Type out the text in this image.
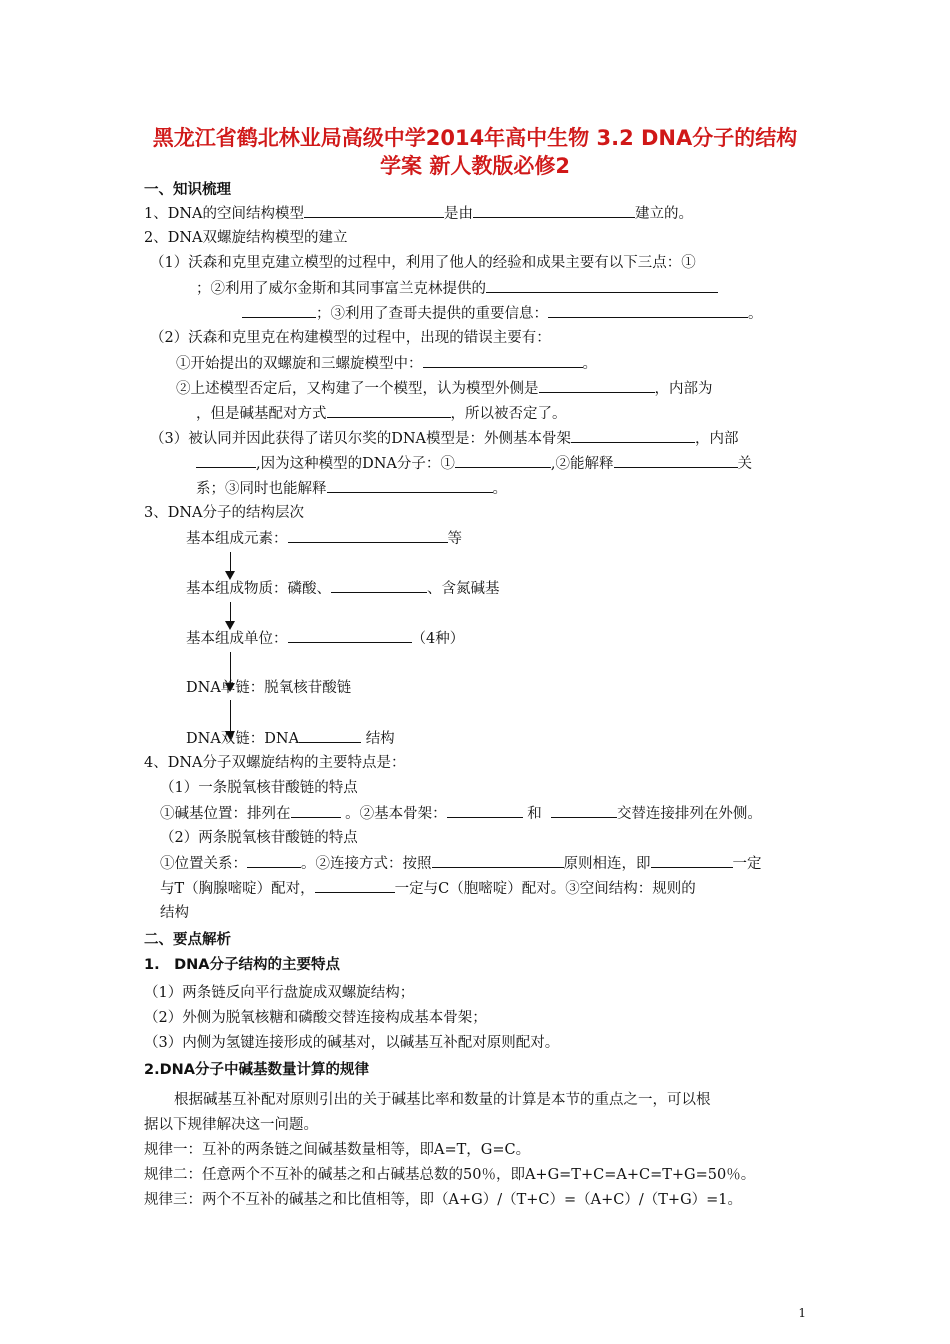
黑龙江省鹤北林业局高级中学2014年高中生物 3.2 DNA分子的结构
学案 新人教版必修2
一、知识梳理
1、DNA的空间结构模型	是由	建立的。
2、DNA双螺旋结构模型的建立
（1）沃森和克里克建立模型的过程中，利用了他人的经验和成果主要有以下三点：①
；②利用了威尔金斯和其同事富兰克林提供的
；③利用了查哥夫提供的重要信息：	。
（2）沃森和克里克在构建模型的过程中，出现的错误主要有：
①开始提出的双螺旋和三螺旋模型中：	。
②上述模型否定后，又构建了一个模型，认为模型外侧是	，内部为
，但是碱基配对方式	，所以被否定了。
（3）被认同并因此获得了诺贝尔奖的DNA模型是：外侧基本骨架	，内部
,因为这种模型的DNA分子：①	,②能解释	关
系；③同时也能解释	。
3、DNA分子的结构层次
基本组成元素：	等
基本组成物质：磷酸、	、含氮碱基
基本组成单位：	（4种）
DNA单链：脱氧核苷酸链
DNA双链：DNA	结构
4、DNA分子双螺旋结构的主要特点是：
（1）一条脱氧核苷酸链的特点
①碱基位置：排列在	。②基本骨架：	和	交替连接排列在外侧。
（2）两条脱氧核苷酸链的特点
①位置关系：	。②连接方式：按照	原则相连，即	一定
与T（胸腺嘧啶）配对，	一定与C（胞嘧啶）配对。③空间结构：规则的
结构
二、要点解析
1.　DNA分子结构的主要特点
（1）两条链反向平行盘旋成双螺旋结构；
（2）外侧为脱氧核糖和磷酸交替连接构成基本骨架；
（3）内侧为氢键连接形成的碱基对，以碱基互补配对原则配对。
2.DNA分子中碱基数量计算的规律
根据碱基互补配对原则引出的关于碱基比率和数量的计算是本节的重点之一，可以根
据以下规律解决这一问题。
规律一：互补的两条链之间碱基数量相等，即A=T，G=C。
规律二：任意两个不互补的碱基之和占碱基总数的50％，即A+G=T+C=A+C=T+G=50％。
规律三：两个不互补的碱基之和比值相等，即（A+G）/（T+C）=（A+C）/（T+G）=1。
1
